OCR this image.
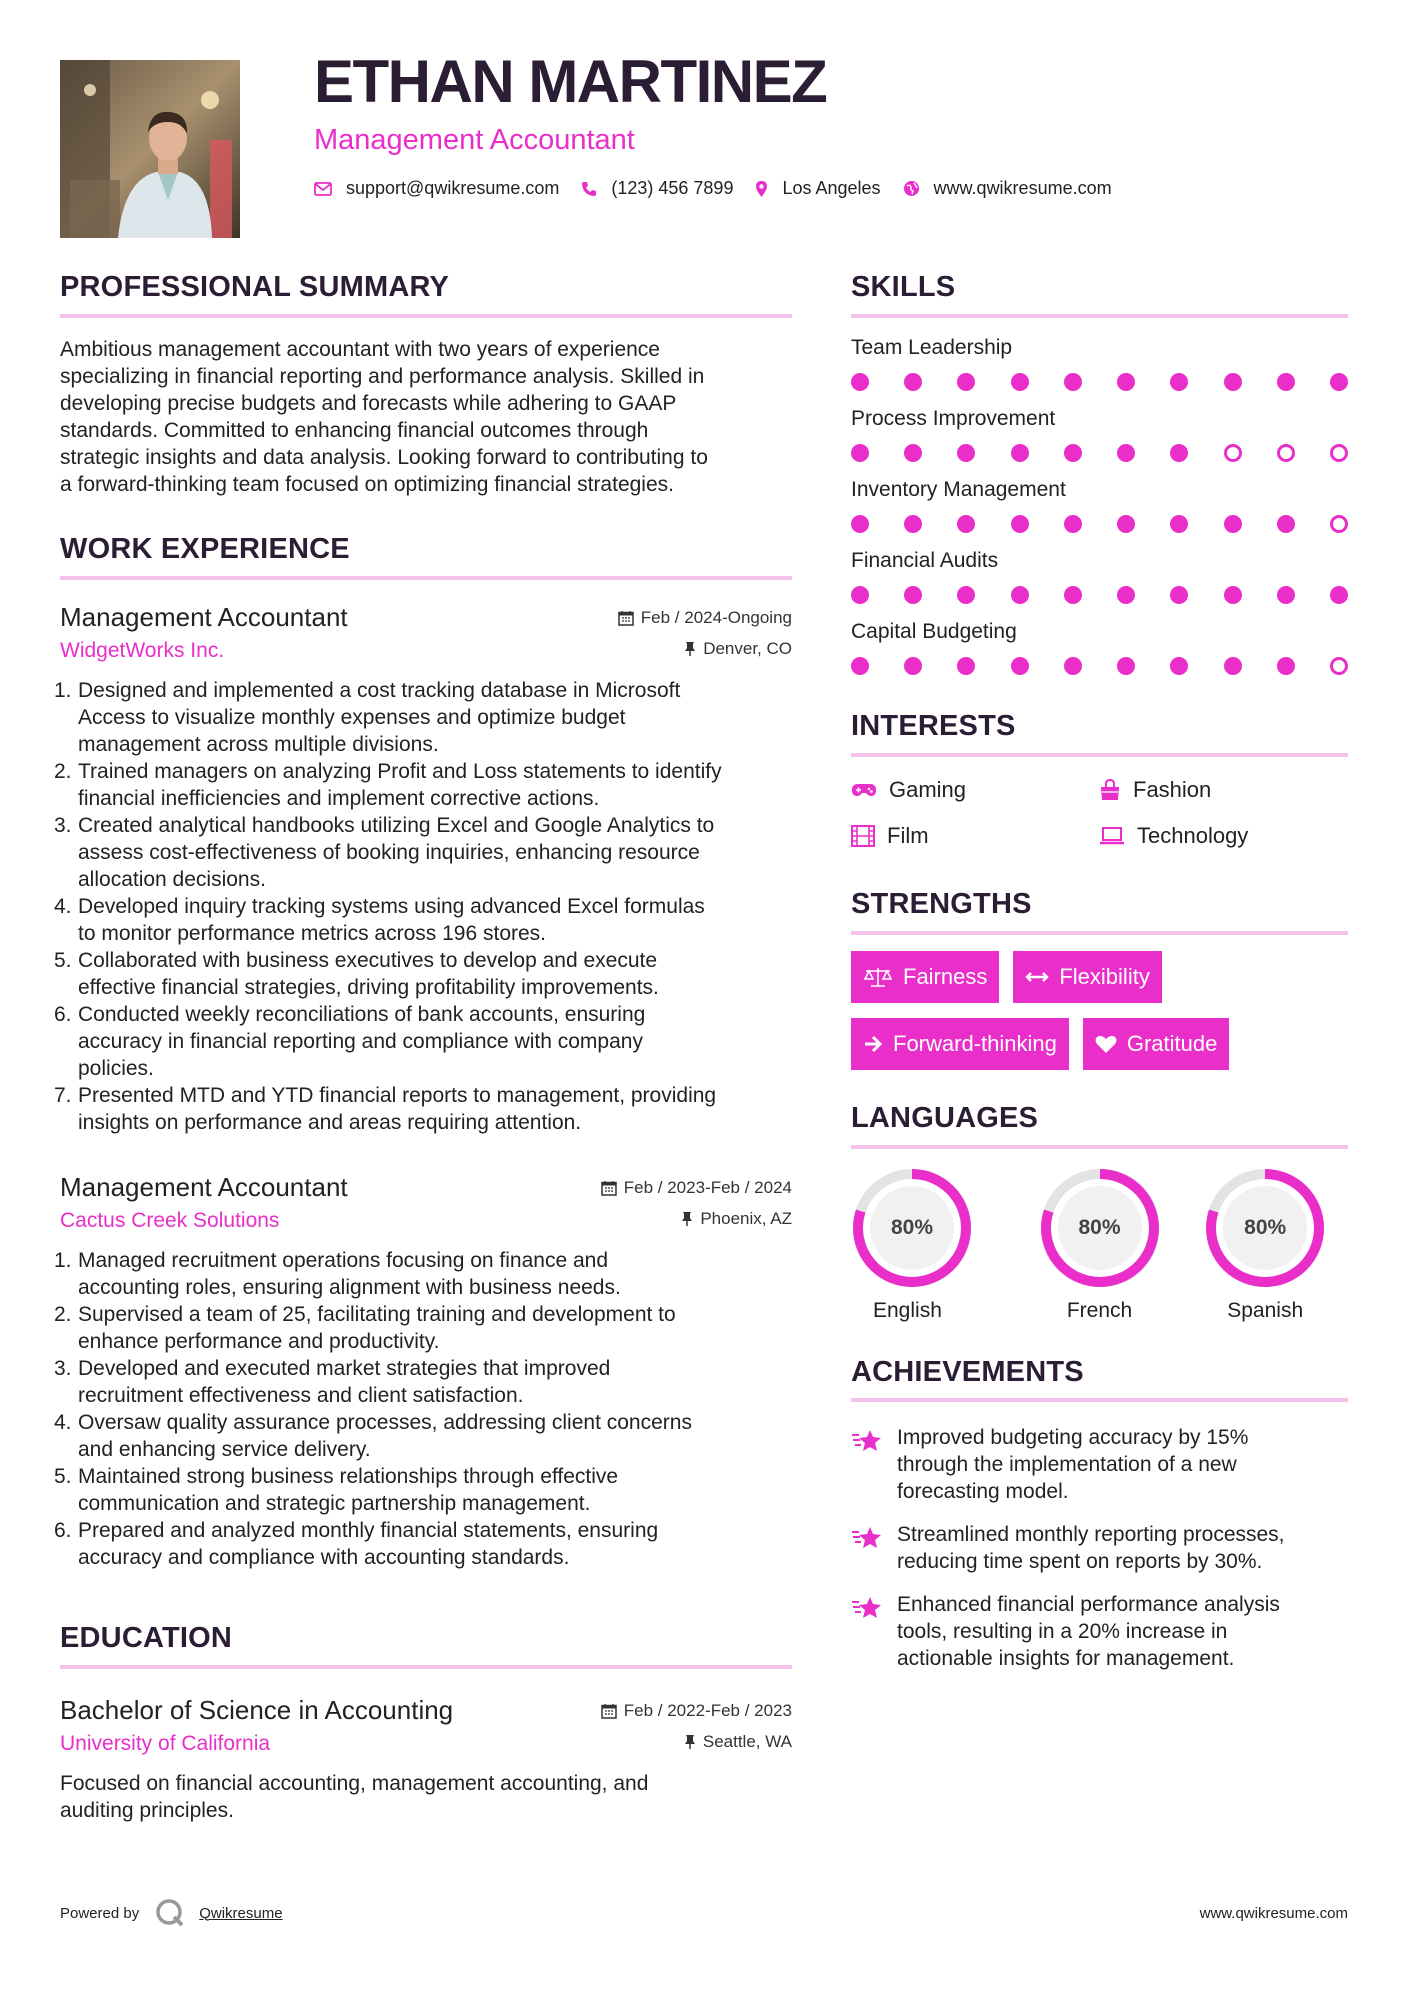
ETHAN MARTINEZ
Management Accountant
support@qwikresume.com	(123) 456 7899	Los Angeles	www.qwikresume.com
PROFESSIONAL SUMMARY
Ambitious management accountant with two years of experience
specializing in financial reporting and performance analysis. Skilled in
developing precise budgets and forecasts while adhering to GAAP
standards. Committed to enhancing financial outcomes through
strategic insights and data analysis. Looking forward to contributing to
a forward-thinking team focused on optimizing financial strategies.
WORK EXPERIENCE
Management Accountant	Feb / 2024-Ongoing
WidgetWorks Inc.	Denver, CO
1. Designed and implemented a cost tracking database in Microsoft
Access to visualize monthly expenses and optimize budget
management across multiple divisions.
2. Trained managers on analyzing Profit and Loss statements to identify
financial inefficiencies and implement corrective actions.
3. Created analytical handbooks utilizing Excel and Google Analytics to
assess cost-effectiveness of booking inquiries, enhancing resource
allocation decisions.
4. Developed inquiry tracking systems using advanced Excel formulas
to monitor performance metrics across 196 stores.
5. Collaborated with business executives to develop and execute
effective financial strategies, driving profitability improvements.
6. Conducted weekly reconciliations of bank accounts, ensuring
accuracy in financial reporting and compliance with company
policies.
7. Presented MTD and YTD financial reports to management, providing
insights on performance and areas requiring attention.
Management Accountant	Feb / 2023-Feb / 2024
Cactus Creek Solutions	Phoenix, AZ
1. Managed recruitment operations focusing on finance and
accounting roles, ensuring alignment with business needs.
2. Supervised a team of 25, facilitating training and development to
enhance performance and productivity.
3. Developed and executed market strategies that improved
recruitment effectiveness and client satisfaction.
4. Oversaw quality assurance processes, addressing client concerns
and enhancing service delivery.
5. Maintained strong business relationships through effective
communication and strategic partnership management.
6. Prepared and analyzed monthly financial statements, ensuring
accuracy and compliance with accounting standards.
EDUCATION
Bachelor of Science in Accounting	Feb / 2022-Feb / 2023
University of California	Seattle, WA
Focused on financial accounting, management accounting, and
auditing principles.
SKILLS
Team Leadership
Process Improvement
Inventory Management
Financial Audits
Capital Budgeting
INTERESTS
Gaming	Fashion
Film	Technology
STRENGTHS
Fairness	Flexibility
Forward-thinking	Gratitude
LANGUAGES
80%
English
80%
French
80%
Spanish
ACHIEVEMENTS
Improved budgeting accuracy by 15%
through the implementation of a new
forecasting model.
Streamlined monthly reporting processes,
reducing time spent on reports by 30%.
Enhanced financial performance analysis
tools, resulting in a 20% increase in
actionable insights for management.
Powered by	Qwikresume	www.qwikresume.com
